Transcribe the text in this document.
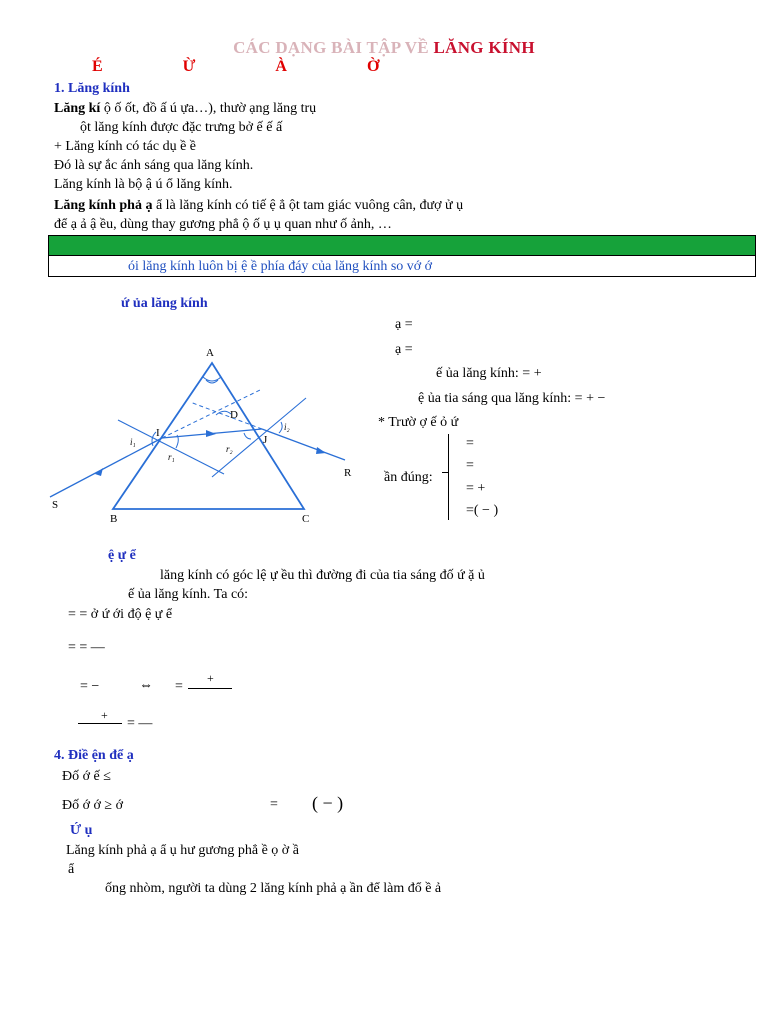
CÁC DẠNG BÀI TẬP VỀ LĂNG KÍNH
É Ừ À Ờ
1. Lăng kính
Lăng kí ộ ố ốt, đồ ấ ú ựa…), thườ ạng lăng trụ
ột lăng kính được đặc trưng bở ế ế ấ
+ Lăng kính có tác dụ ề ề
Đó là sự ắc ánh sáng qua lăng kính.
Lăng kính là bộ ậ ú ổ lăng kính.
Lăng kính phả ạ ẩ là lăng kính có tiế ệ ẳ ột tam giác vuông cân, đượ ử ụ
để ạ ả ậ ều, dùng thay gương phẳ ộ ố ụ ụ quan như ố ảnh, …
ói lăng kính luôn bị ệ ề phía đáy của lăng kính so vớ ớ
ứ ủa lăng kính
A
B	C
D
I
J
S
R
i₁
r₁
r₂
i₂
ạ =
ạ =
ế ủa lăng kính: = +
ệ ủa tia sáng qua lăng kính: = + −
* Trườ ợ ế ỏ ứ
ần đúng:
=
=
= +
=( − )
ệ ự ể
lăng kính có góc lệ ự ều thì đường đi của tia sáng đố ứ ặ ủ
ế ủa lăng kính. Ta có:
= = ở ứ ới độ ệ ự ể
= = —
= −	⇔ =
+
+
= —
4. Điề ện để ạ
Đố ớ ế ≤
Đố ớ ớ ≥ ớ	= ( − )
Ứ ụ
Lăng kính phả ạ ẩ ụ hư gương phẳ ề ọ ờ ầ
ẩ
ống nhòm, người ta dùng 2 lăng kính phả ạ ần để làm đổ ề ả
